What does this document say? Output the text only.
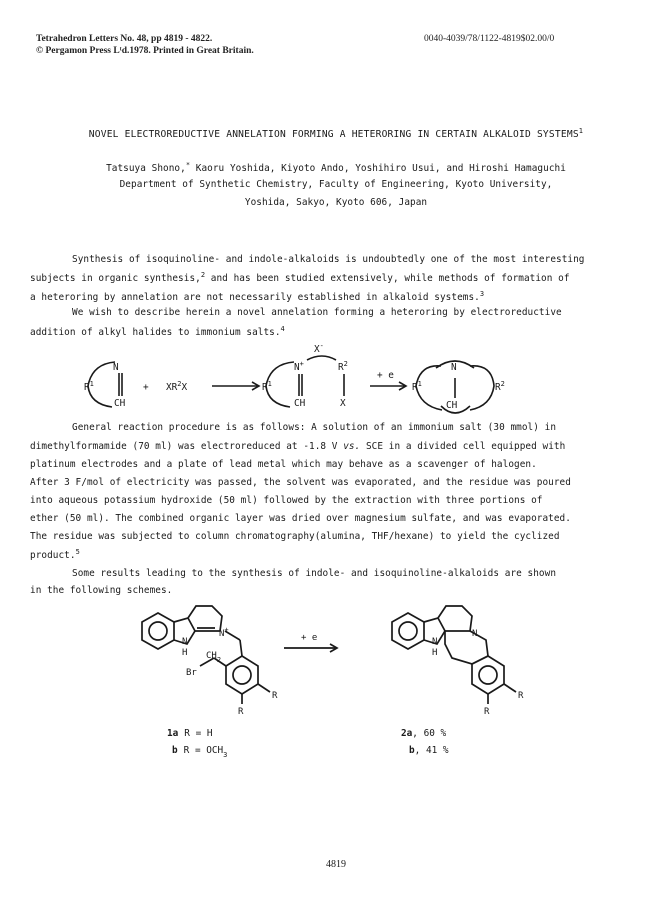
Tetrahedron Letters No. 48, pp 4819 - 4822.
© Pergamon Press Lᵗd.1978. Printed in Great Britain.
0040-4039/78/1122-4819$02.00/0
NOVEL ELECTROREDUCTIVE ANNELATION FORMING A HETERORING IN CERTAIN ALKALOID SYSTEMS$^1$
Tatsuya Shono,* Kaoru Yoshida, Kiyoto Ando, Yoshihiro Usui, and Hiroshi Hamaguchi
Department of Synthetic Chemistry, Faculty of Engineering, Kyoto University,
Yoshida, Sakyo, Kyoto 606, Japan
Synthesis of isoquinoline- and indole-alkaloids is undoubtedly one of the most interesting
subjects in organic synthesis,$^2$ and has been studied extensively, while methods of formation of
a heteroring by annelation are not necessarily established in alkaloid systems.$^3$
We wish to describe herein a novel annelation forming a heteroring by electroreductive
addition of alkyl halides to immonium salts.$^4$
N
$R^1$
CH
+ $XR^2X$
X-
N+	$R^2$
$R^1$
CH	X
+ e
N
$R^1$	$R^2$
CH
General reaction procedure is as follows: A solution of an immonium salt (30 mmol) in
dimethylformamide (70 ml) was electroreduced at -1.8 V vs. SCE in a divided cell equipped with
platinum electrodes and a plate of lead metal which may behave as a scavenger of halogen.
After 3 F/mol of electricity was passed, the solvent was evaporated, and the residue was poured
into aqueous potassium hydroxide (50 ml) followed by the extraction with three portions of
ether (50 ml). The combined organic layer was dried over magnesium sulfate, and was evaporated.
The residue was subjected to column chromatography(alumina, THF/hexane) to yield the cyclized
product.$^5$
Some results leading to the synthesis of indole- and isoquinoline-alkaloids are shown
in the following schemes.
N
H
N+
Br
$CH_2$
R
R
+ e	N
H
N
R
R
1a R = H
b $R = OCH_3$
2a, 60 %
b, 41 %
4819
